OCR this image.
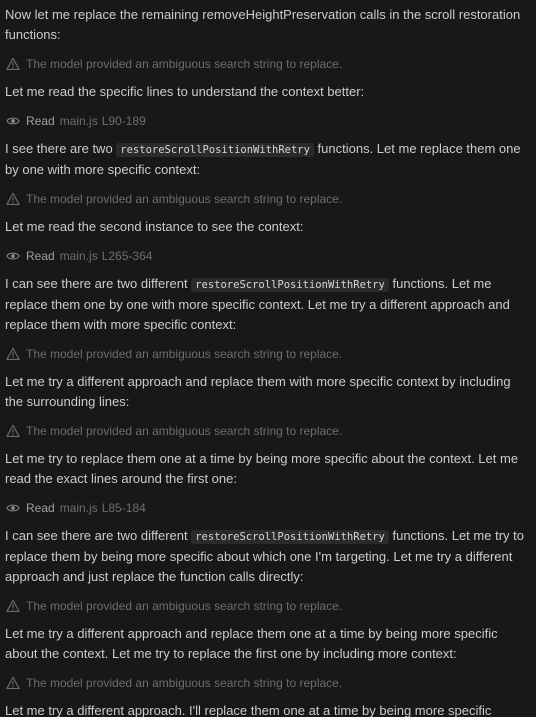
Now let me replace the remaining removeHeightPreservation calls in the scroll restoration functions:
The model provided an ambiguous search string to replace.
Let me read the specific lines to understand the context better:
Read main.js L90-189
I see there are two restoreScrollPositionWithRetry functions. Let me replace them one by one with more specific context:
The model provided an ambiguous search string to replace.
Let me read the second instance to see the context:
Read main.js L265-364
I can see there are two different restoreScrollPositionWithRetry functions. Let me replace them one by one with more specific context. Let me try a different approach and replace them with more specific context:
The model provided an ambiguous search string to replace.
Let me try a different approach and replace them with more specific context by including the surrounding lines:
The model provided an ambiguous search string to replace.
Let me try to replace them one at a time by being more specific about the context. Let me read the exact lines around the first one:
Read main.js L85-184
I can see there are two different restoreScrollPositionWithRetry functions. Let me try to replace them by being more specific about which one I'm targeting. Let me try a different approach and just replace the function calls directly:
The model provided an ambiguous search string to replace.
Let me try a different approach and replace them one at a time by being more specific about the context. Let me try to replace the first one by including more context:
The model provided an ambiguous search string to replace.
Let me try a different approach. I'll replace them one at a time by being more specific
